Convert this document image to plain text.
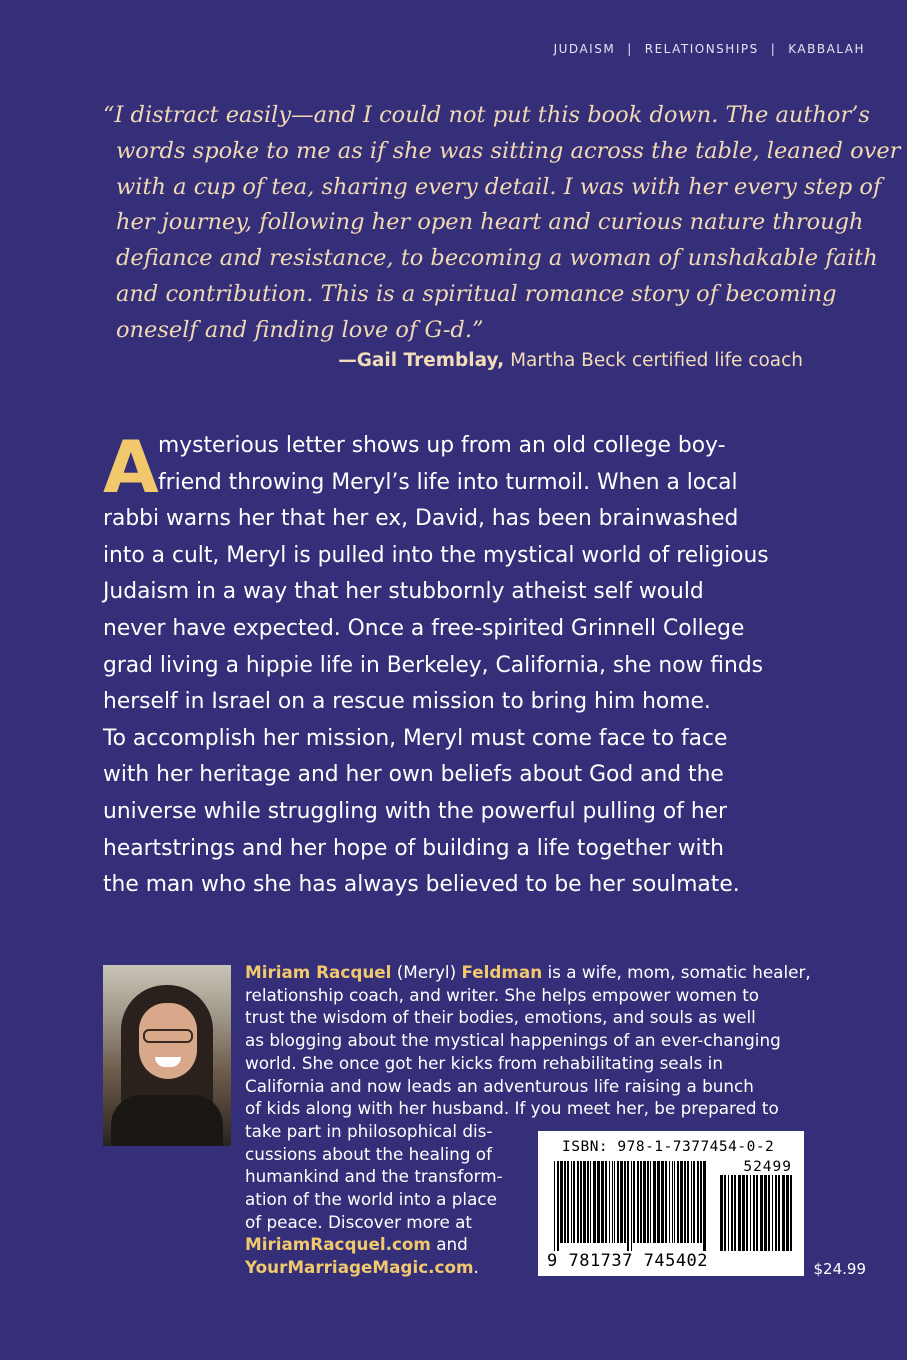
JUDAISM | RELATIONSHIPS | KABBALAH

“I distract easily—and I could not put this book down. The author’s
words spoke to me as if she was sitting across the table, leaned over
with a cup of tea, sharing every detail. I was with her every step of
her journey, following her open heart and curious nature through
defiance and resistance, to becoming a woman of unshakable faith
and contribution. This is a spiritual romance story of becoming
oneself and finding love of G-d.”

—Gail Tremblay, Martha Beck certified life coach
A mysterious letter shows up from an old college boy-
friend throwing Meryl’s life into turmoil. When a local
rabbi warns her that her ex, David, has been brainwashed
into a cult, Meryl is pulled into the mystical world of religious
Judaism in a way that her stubbornly atheist self would
never have expected. Once a free-spirited Grinnell College
grad living a hippie life in Berkeley, California, she now finds
herself in Israel on a rescue mission to bring him home.
To accomplish her mission, Meryl must come face to face
with her heritage and her own beliefs about God and the
universe while struggling with the powerful pulling of her
heartstrings and her hope of building a life together with
the man who she has always believed to be her soulmate.
Miriam Racquel (Meryl) Feldman is a wife, mom, somatic healer,
relationship coach, and writer. She helps empower women to
trust the wisdom of their bodies, emotions, and souls as well
as blogging about the mystical happenings of an ever-changing
world. She once got her kicks from rehabilitating seals in
California and now leads an adventurous life raising a bunch
of kids along with her husband. If you meet her, be prepared to
take part in philosophical dis-
cussions about the healing of
humankind and the transform-
ation of the world into a place
of peace. Discover more at
MiriamRacquel.com and
YourMarriageMagic.com.
ISBN: 978-1-7377454-0-2
52499
9 781737 745402	$24.99
